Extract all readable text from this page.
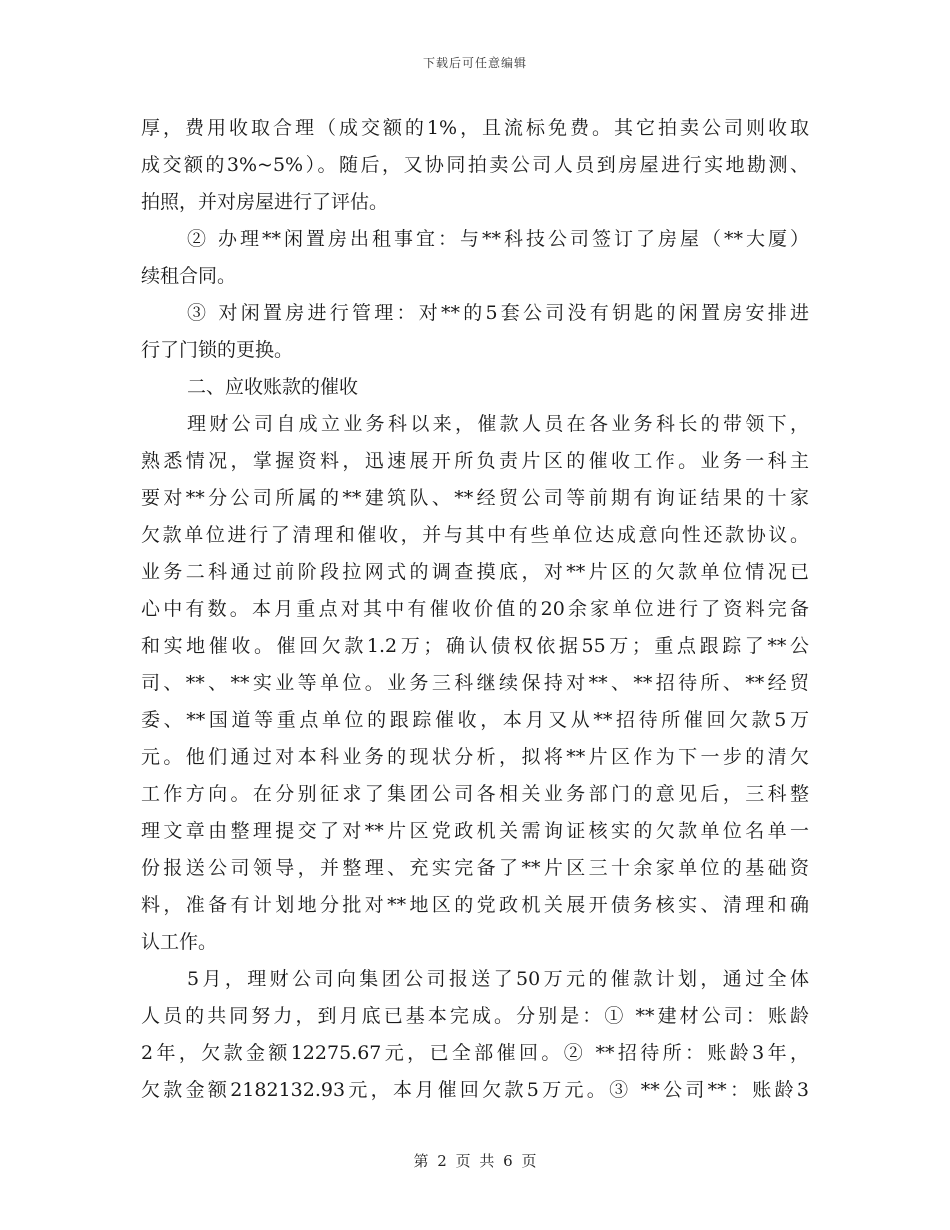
下载后可任意编辑
厚，费用收取合理（成交额的1%，且流标免费。其它拍卖公司则收取
成交额的3%~5%）。随后，又协同拍卖公司人员到房屋进行实地勘测、
拍照，并对房屋进行了评估。
② 办理**闲置房出租事宜：与**科技公司签订了房屋（**大厦）
续租合同。
③ 对闲置房进行管理：对**的5套公司没有钥匙的闲置房安排进
行了门锁的更换。
二、应收账款的催收
理财公司自成立业务科以来，催款人员在各业务科长的带领下，
熟悉情况，掌握资料，迅速展开所负责片区的催收工作。业务一科主
要对**分公司所属的**建筑队、**经贸公司等前期有询证结果的十家
欠款单位进行了清理和催收，并与其中有些单位达成意向性还款协议。
业务二科通过前阶段拉网式的调查摸底，对**片区的欠款单位情况已
心中有数。本月重点对其中有催收价值的20余家单位进行了资料完备
和实地催收。催回欠款1.2万；确认债权依据55万；重点跟踪了**公
司、**、**实业等单位。业务三科继续保持对**、**招待所、**经贸
委、**国道等重点单位的跟踪催收，本月又从**招待所催回欠款5万
元。他们通过对本科业务的现状分析，拟将**片区作为下一步的清欠
工作方向。在分别征求了集团公司各相关业务部门的意见后，三科整
理文章由整理提交了对**片区党政机关需询证核实的欠款单位名单一
份报送公司领导，并整理、充实完备了**片区三十余家单位的基础资
料，准备有计划地分批对**地区的党政机关展开债务核实、清理和确
认工作。
5月，理财公司向集团公司报送了50万元的催款计划，通过全体
人员的共同努力，到月底已基本完成。分别是：① **建材公司：账龄
2年，欠款金额12275.67元，已全部催回。② **招待所：账龄3年，
欠款金额2182132.93元，本月催回欠款5万元。③ **公司**：账龄3
第 2 页 共 6 页
